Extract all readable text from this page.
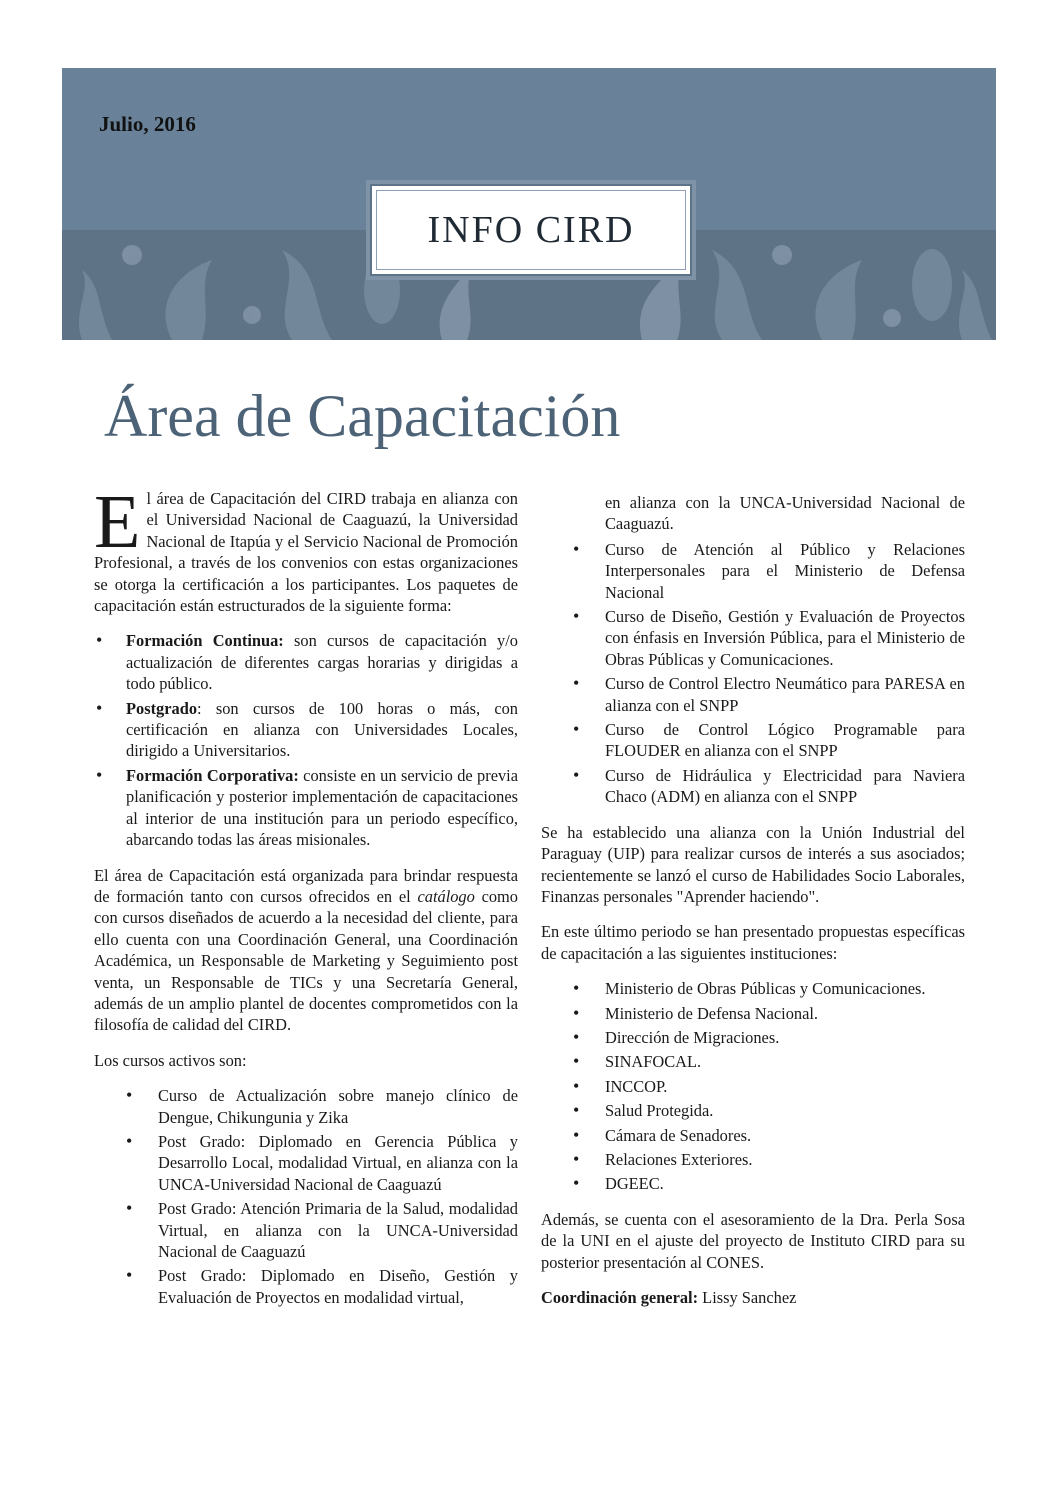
Julio, 2016
INFO CIRD
Área de Capacitación

El área de Capacitación del CIRD trabaja en alianza con el Universidad Nacional de Caaguazú, la Universidad Nacional de Itapúa y el Servicio Nacional de Promoción Profesional, a través de los convenios con estas organizaciones se otorga la certificación a los participantes. Los paquetes de capacitación están estructurados de la siguiente forma:

• Formación Continua: son cursos de capacitación y/o actualización de diferentes cargas horarias y dirigidas a todo público.
• Postgrado: son cursos de 100 horas o más, con certificación en alianza con Universidades Locales, dirigido a Universitarios.
• Formación Corporativa: consiste en un servicio de previa planificación y posterior implementación de capacitaciones al interior de una institución para un periodo específico, abarcando todas las áreas misionales.

El área de Capacitación está organizada para brindar respuesta de formación tanto con cursos ofrecidos en el catálogo como con cursos diseñados de acuerdo a la necesidad del cliente, para ello cuenta con una Coordinación General, una Coordinación Académica, un Responsable de Marketing y Seguimiento post venta, un Responsable de TICs y una Secretaría General, además de un amplio plantel de docentes comprometidos con la filosofía de calidad del CIRD.

Los cursos activos son:

• Curso de Actualización sobre manejo clínico de Dengue, Chikungunia y Zika
• Post Grado: Diplomado en Gerencia Pública y Desarrollo Local, modalidad Virtual, en alianza con la UNCA-Universidad Nacional de Caaguazú
• Post Grado: Atención Primaria de la Salud, modalidad Virtual, en alianza con la UNCA-Universidad Nacional de Caaguazú
• Post Grado: Diplomado en Diseño, Gestión y Evaluación de Proyectos en modalidad virtual,
en alianza con la UNCA-Universidad Nacional de Caaguazú.
• Curso de Atención al Público y Relaciones Interpersonales para el Ministerio de Defensa Nacional
• Curso de Diseño, Gestión y Evaluación de Proyectos con énfasis en Inversión Pública, para el Ministerio de Obras Públicas y Comunicaciones.
• Curso de Control Electro Neumático para PARESA en alianza con el SNPP
• Curso de Control Lógico Programable para FLOUDER en alianza con el SNPP
• Curso de Hidráulica y Electricidad para Naviera Chaco (ADM) en alianza con el SNPP

Se ha establecido una alianza con la Unión Industrial del Paraguay (UIP) para realizar cursos de interés a sus asociados; recientemente se lanzó el curso de Habilidades Socio Laborales, Finanzas personales "Aprender haciendo".

En este último periodo se han presentado propuestas específicas de capacitación a las siguientes instituciones:

• Ministerio de Obras Públicas y Comunicaciones.
• Ministerio de Defensa Nacional.
• Dirección de Migraciones.
• SINAFOCAL.
• INCCOP.
• Salud Protegida.
• Cámara de Senadores.
• Relaciones Exteriores.
• DGEEC.

Además, se cuenta con el asesoramiento de la Dra. Perla Sosa de la UNI en el ajuste del proyecto de Instituto CIRD para su posterior presentación al CONES.

Coordinación general: Lissy Sanchez
